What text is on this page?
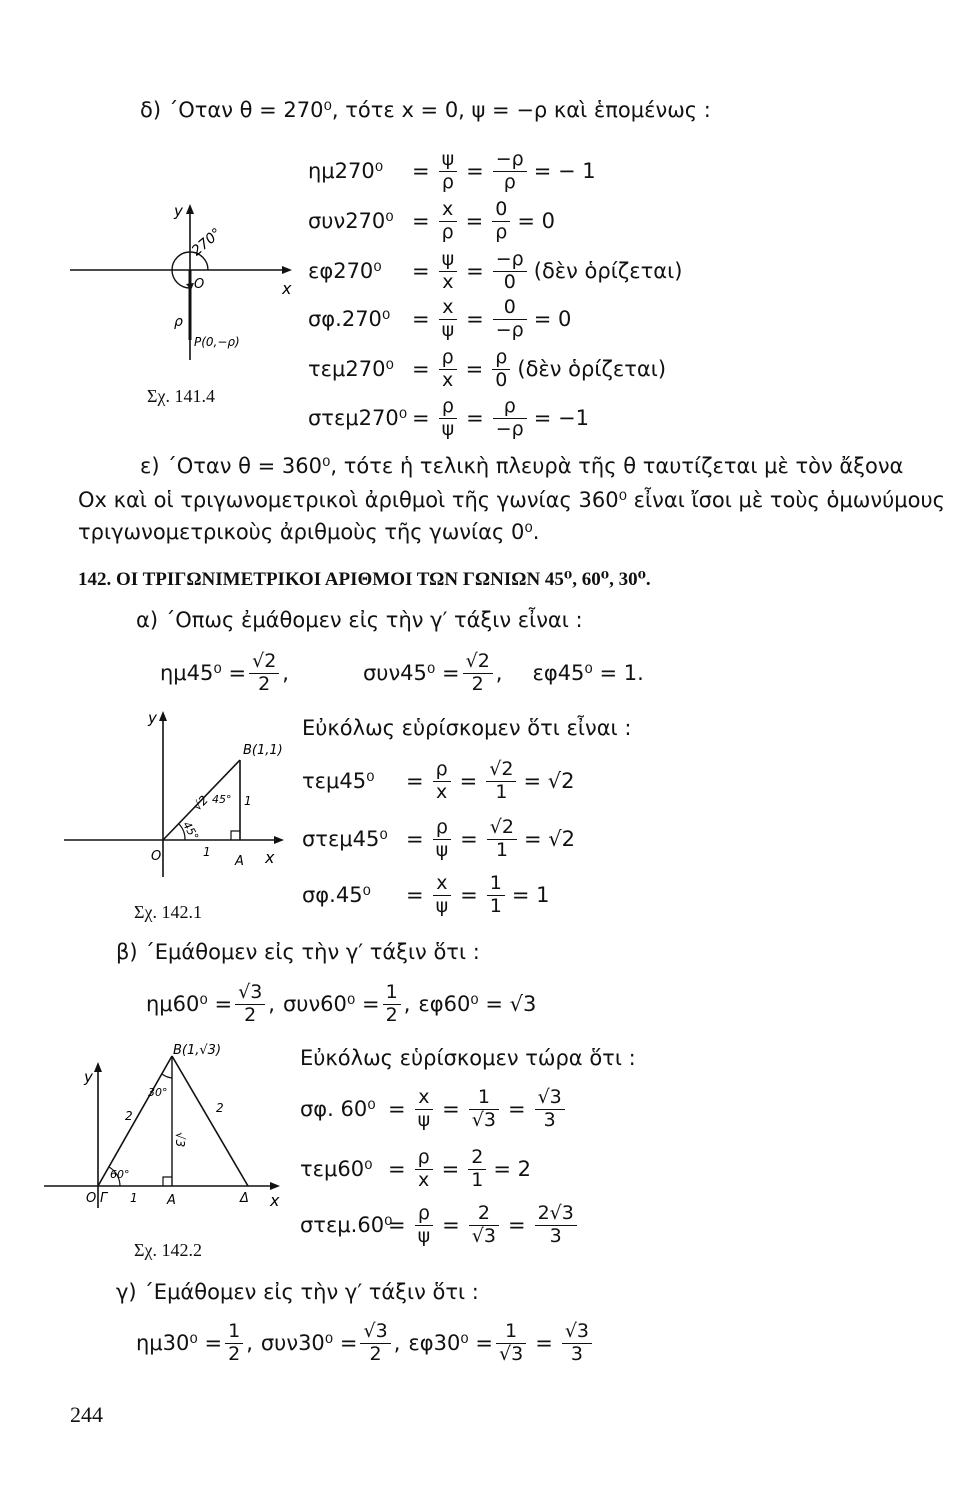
δ) ΄Οταν θ = 270⁰, τότε x = 0, ψ = −ρ καὶ ἑπομένως :
ημ270⁰	= $\frac{\psi}{\rho} = \frac{-\rho}{\rho}$ = − 1
$\sigma\upsilon\nu 270^0 = \frac{x}{\rho} = \frac{0}{\rho} = 0$
εφ270⁰	= $\frac{\psi}{x} = \frac{-\rho}{0}$ (δὲν ὁρίζεται)
σφ.270⁰	= $\frac{x}{\psi} = \frac{0}{-\rho} = 0$
$\tau\varepsilon\mu 270^0 = \frac{\rho}{x} = \frac{\rho}{0}$ (δὲν ὁρίζεται)
$\sigma\tau\varepsilon\mu 270^0 = \frac{\rho}{\psi} = \frac{\rho}{-\rho} = -1$
y
270°
O	x
ρ
P(0,−ρ)
Σχ. 141.4
ε) ΄Οταν θ = 360⁰, τότε ἡ τελικὴ πλευρὰ τῆς θ ταυτίζεται μὲ τὸν ἄξονα
Ox καὶ οἱ τριγωνομετρικοὶ ἀριθμοὶ τῆς γωνίας 360⁰ εἶναι ἴσοι μὲ τοὺς ὁμωνύμους
τριγωνομετρικοὺς ἀριθμοὺς τῆς γωνίας 0⁰.
142. ΟΙ ΤΡΙΓΩΝΙΜΕΤΡΙΚΟΙ ΑΡΙΘΜΟΙ ΤΩΝ ΓΩΝΙΩΝ 45⁰, 60⁰, 30⁰.
α) ΄Οπως ἐμάθομεν εἰς τὴν γ′ τάξιν εἶναι :
$\eta\mu 45^0 = \frac{√2}{2}$ ,	$\sigma\upsilon\nu 45^0 = \frac{√2}{2}$ , εφ45⁰ = 1.
Εὐκόλως εὑρίσκομεν ὅτι εἶναι :
τεμ45⁰	= $\frac{\rho}{x} = \frac{√2}{1} = √2$
$\sigma\tau\varepsilon\mu 45^0 = \frac{\rho}{\psi} = \frac{√2}{1} = √2$
σφ.45⁰	= $\frac{x}{\psi} = \frac{1}{1} = 1$
y
B(1,1)
O	A x
1
1
√2 45°
45°
Σχ. 142.1
β) ΄Εμάθομεν εἰς τὴν γ′ τάξιν ὅτι :
$\eta\mu 60^0 = \frac{√3}{2}$ , $\sigma\upsilon\nu 60^0 = \frac{1}{2}$ , εφ60⁰ = √3
Εὐκόλως εὑρίσκομεν τώρα ὅτι :
σφ. $60^0 = \frac{x}{\psi} = \frac{1}{√3} = \frac{√3}{3}$
$\tau\varepsilon\mu 60^0 = \frac{\rho}{x} = \frac{2}{1} = 2$
στεμ.60⁰
= $\frac{\rho}{\psi} = \frac{2}{√3} = \frac{2√3}{3}$
y
B(1,√3)
O Γ 1 A	Δ x
2
2
√3
30°
60°
Σχ. 142.2
γ) ΄Εμάθομεν εἰς τὴν γ′ τάξιν ὅτι :
$\eta\mu 30^0 = \frac{1}{2}$ , $\sigma\upsilon\nu 30^0 = \frac{√3}{2}$ , $\varepsilon\varphi 30^0 = \frac{1}{√3} = \frac{√3}{3}$
244
